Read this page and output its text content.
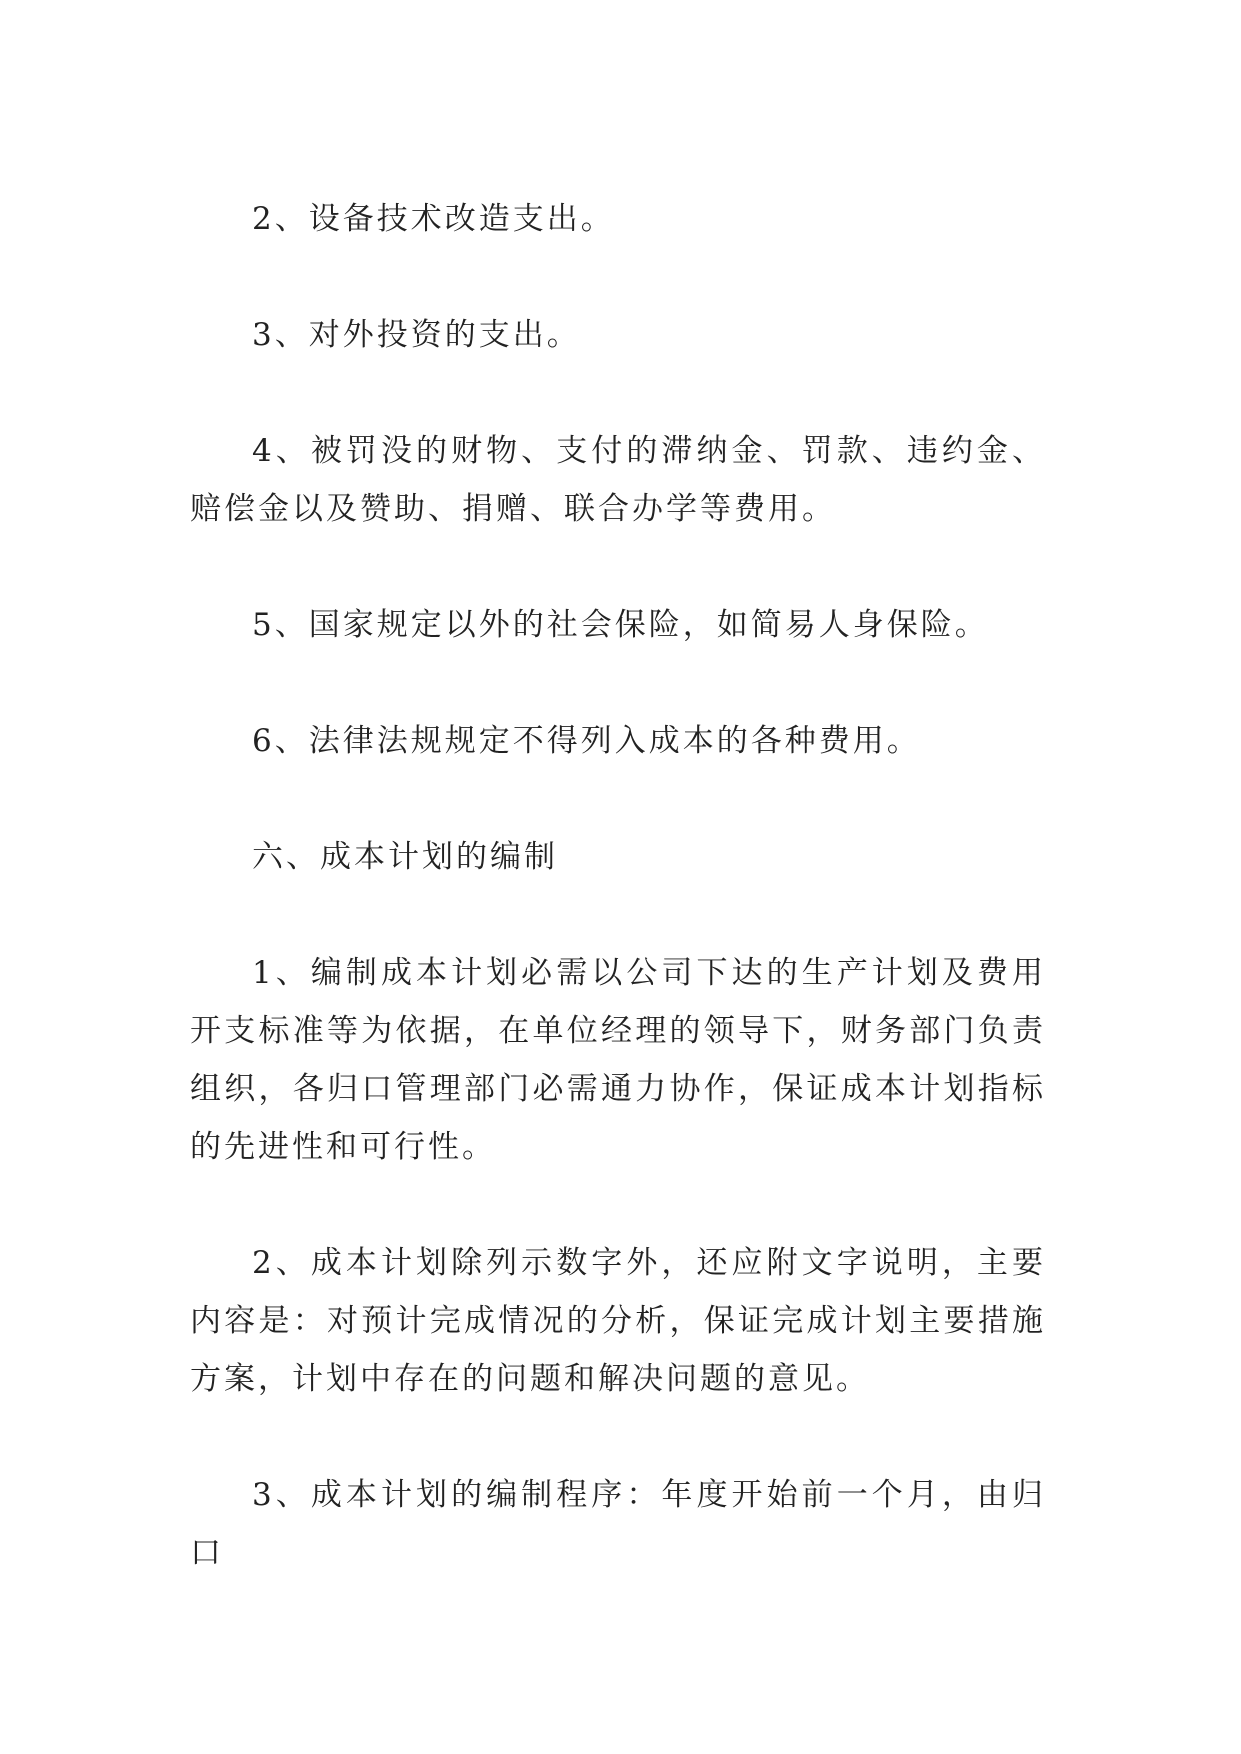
2、设备技术改造支出。

3、对外投资的支出。

4、被罚没的财物、支付的滞纳金、罚款、违约金、赔偿金以及赞助、捐赠、联合办学等费用。

5、国家规定以外的社会保险，如简易人身保险。

6、法律法规规定不得列入成本的各种费用。

六、成本计划的编制

1、编制成本计划必需以公司下达的生产计划及费用开支标准等为依据，在单位经理的领导下，财务部门负责组织，各归口管理部门必需通力协作，保证成本计划指标的先进性和可行性。

2、成本计划除列示数字外，还应附文字说明，主要内容是：对预计完成情况的分析，保证完成计划主要措施方案，计划中存在的问题和解决问题的意见。

3、成本计划的编制程序：年度开始前一个月，由归口
